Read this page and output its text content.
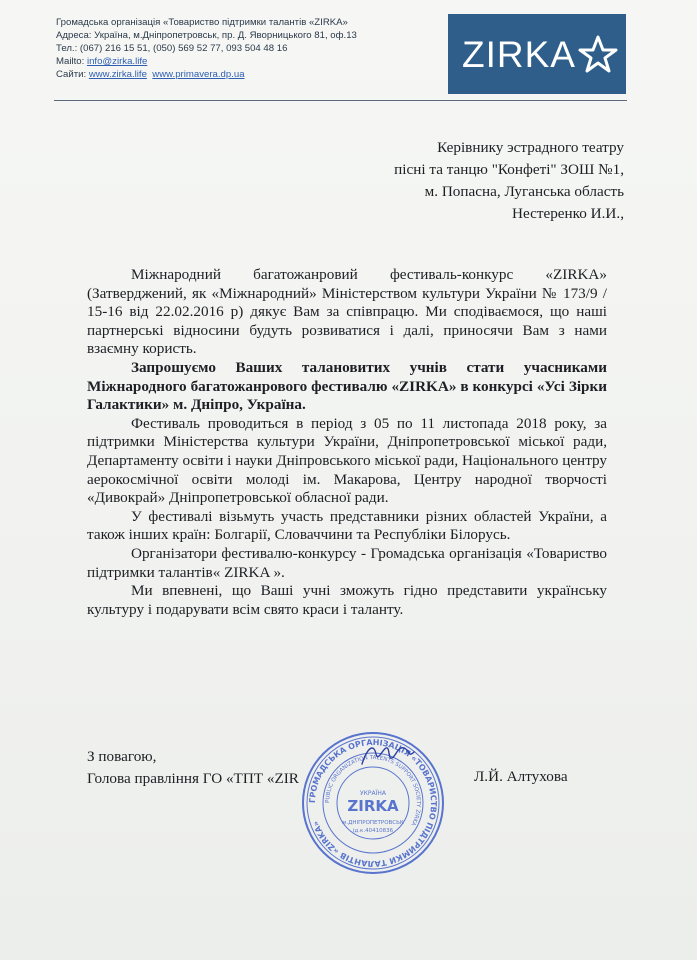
Громадська організація «Товариство підтримки талантів «ZIRKA»
Адреса: Україна, м.Дніпропетровськ, пр. Д. Яворницького 81, оф.13
Тел.: (067) 216 15 51, (050) 569 52 77, 093 504 48 16
Mailto: info@zirka.life
Сайти: www.zirka.life www.primavera.dp.ua	ZIRKA
Керівнику эстрадного театру
пісні та танцю "Конфеті" ЗОШ №1,
м. Попасна, Луганська область
Нестеренко И.И.,

Міжнародний багатожанровий фестиваль-конкурс «ZIRKA» (Затверджений, як «Міжнародний» Міністерством культури України № 173/9 / 15-16 від 22.02.2016 р) дякує Вам за співпрацю. Ми сподіваємося, що наші партнерські відносини будуть розвиватися і далі, приносячи Вам з нами взаємну користь.

Запрошуємо Ваших талановитих учнів стати учасниками Міжнародного багатожанрового фестивалю «ZIRKA» в конкурсі «Усі Зірки Галактики» м. Дніпро, Україна.

Фестиваль проводиться в період з 05 по 11 листопада 2018 року, за підтримки Міністерства культури України, Дніпропетровської міської ради, Департаменту освіти і науки Дніпровського міської ради, Національного центру аерокосмічної освіти молоді ім. Макарова, Центру народної творчості «Дивокрай» Дніпропетровської обласної ради.

У фестивалі візьмуть участь представники різних областей України, а також інших країн: Болгарії, Словаччини та Республіки Білорусь.

Організатори фестивалю-конкурсу - Громадська організація «Товариство підтримки талантів« ZIRKA ».

Ми впевнені, що Ваші учні зможуть гідно представити українську культуру і подарувати всім свято краси і таланту.

ГРОМАДСЬКА ОРГАНІЗАЦІЯ «ТОВАРИСТВО ПІДТРИМКИ ТАЛАНТІВ «ZIRKA»
PUBLIC ORGANIZATION TALENTS SUPPORT SOCIETY ZIRKA
УКРАЇНА
ZIRKA
м.ДНІПРОПЕТРОВСЬК
ід.к.40410836
З повагою,
Голова правління ГО «ТПТ «ZIR	Л.Й. Алтухова
